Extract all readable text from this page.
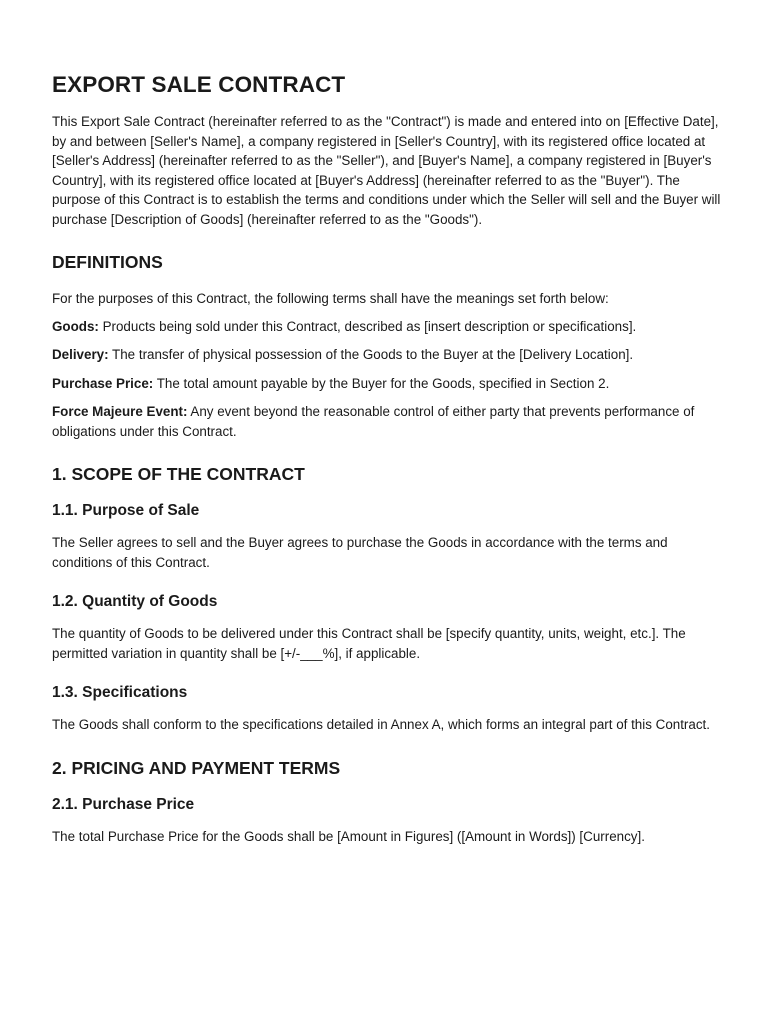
EXPORT SALE CONTRACT

This Export Sale Contract (hereinafter referred to as the "Contract") is made and entered into on [Effective Date], by and between [Seller's Name], a company registered in [Seller's Country], with its registered office located at [Seller's Address] (hereinafter referred to as the "Seller"), and [Buyer's Name], a company registered in [Buyer's Country], with its registered office located at [Buyer's Address] (hereinafter referred to as the "Buyer"). The purpose of this Contract is to establish the terms and conditions under which the Seller will sell and the Buyer will purchase [Description of Goods] (hereinafter referred to as the "Goods").

DEFINITIONS

For the purposes of this Contract, the following terms shall have the meanings set forth below:

Goods: Products being sold under this Contract, described as [insert description or specifications].

Delivery: The transfer of physical possession of the Goods to the Buyer at the [Delivery Location].

Purchase Price: The total amount payable by the Buyer for the Goods, specified in Section 2.

Force Majeure Event: Any event beyond the reasonable control of either party that prevents performance of obligations under this Contract.

1. SCOPE OF THE CONTRACT
1.1. Purpose of Sale

The Seller agrees to sell and the Buyer agrees to purchase the Goods in accordance with the terms and conditions of this Contract.

1.2. Quantity of Goods

The quantity of Goods to be delivered under this Contract shall be [specify quantity, units, weight, etc.]. The permitted variation in quantity shall be [+/-___%], if applicable.

1.3. Specifications

The Goods shall conform to the specifications detailed in Annex A, which forms an integral part of this Contract.

2. PRICING AND PAYMENT TERMS
2.1. Purchase Price

The total Purchase Price for the Goods shall be [Amount in Figures] ([Amount in Words]) [Currency].
